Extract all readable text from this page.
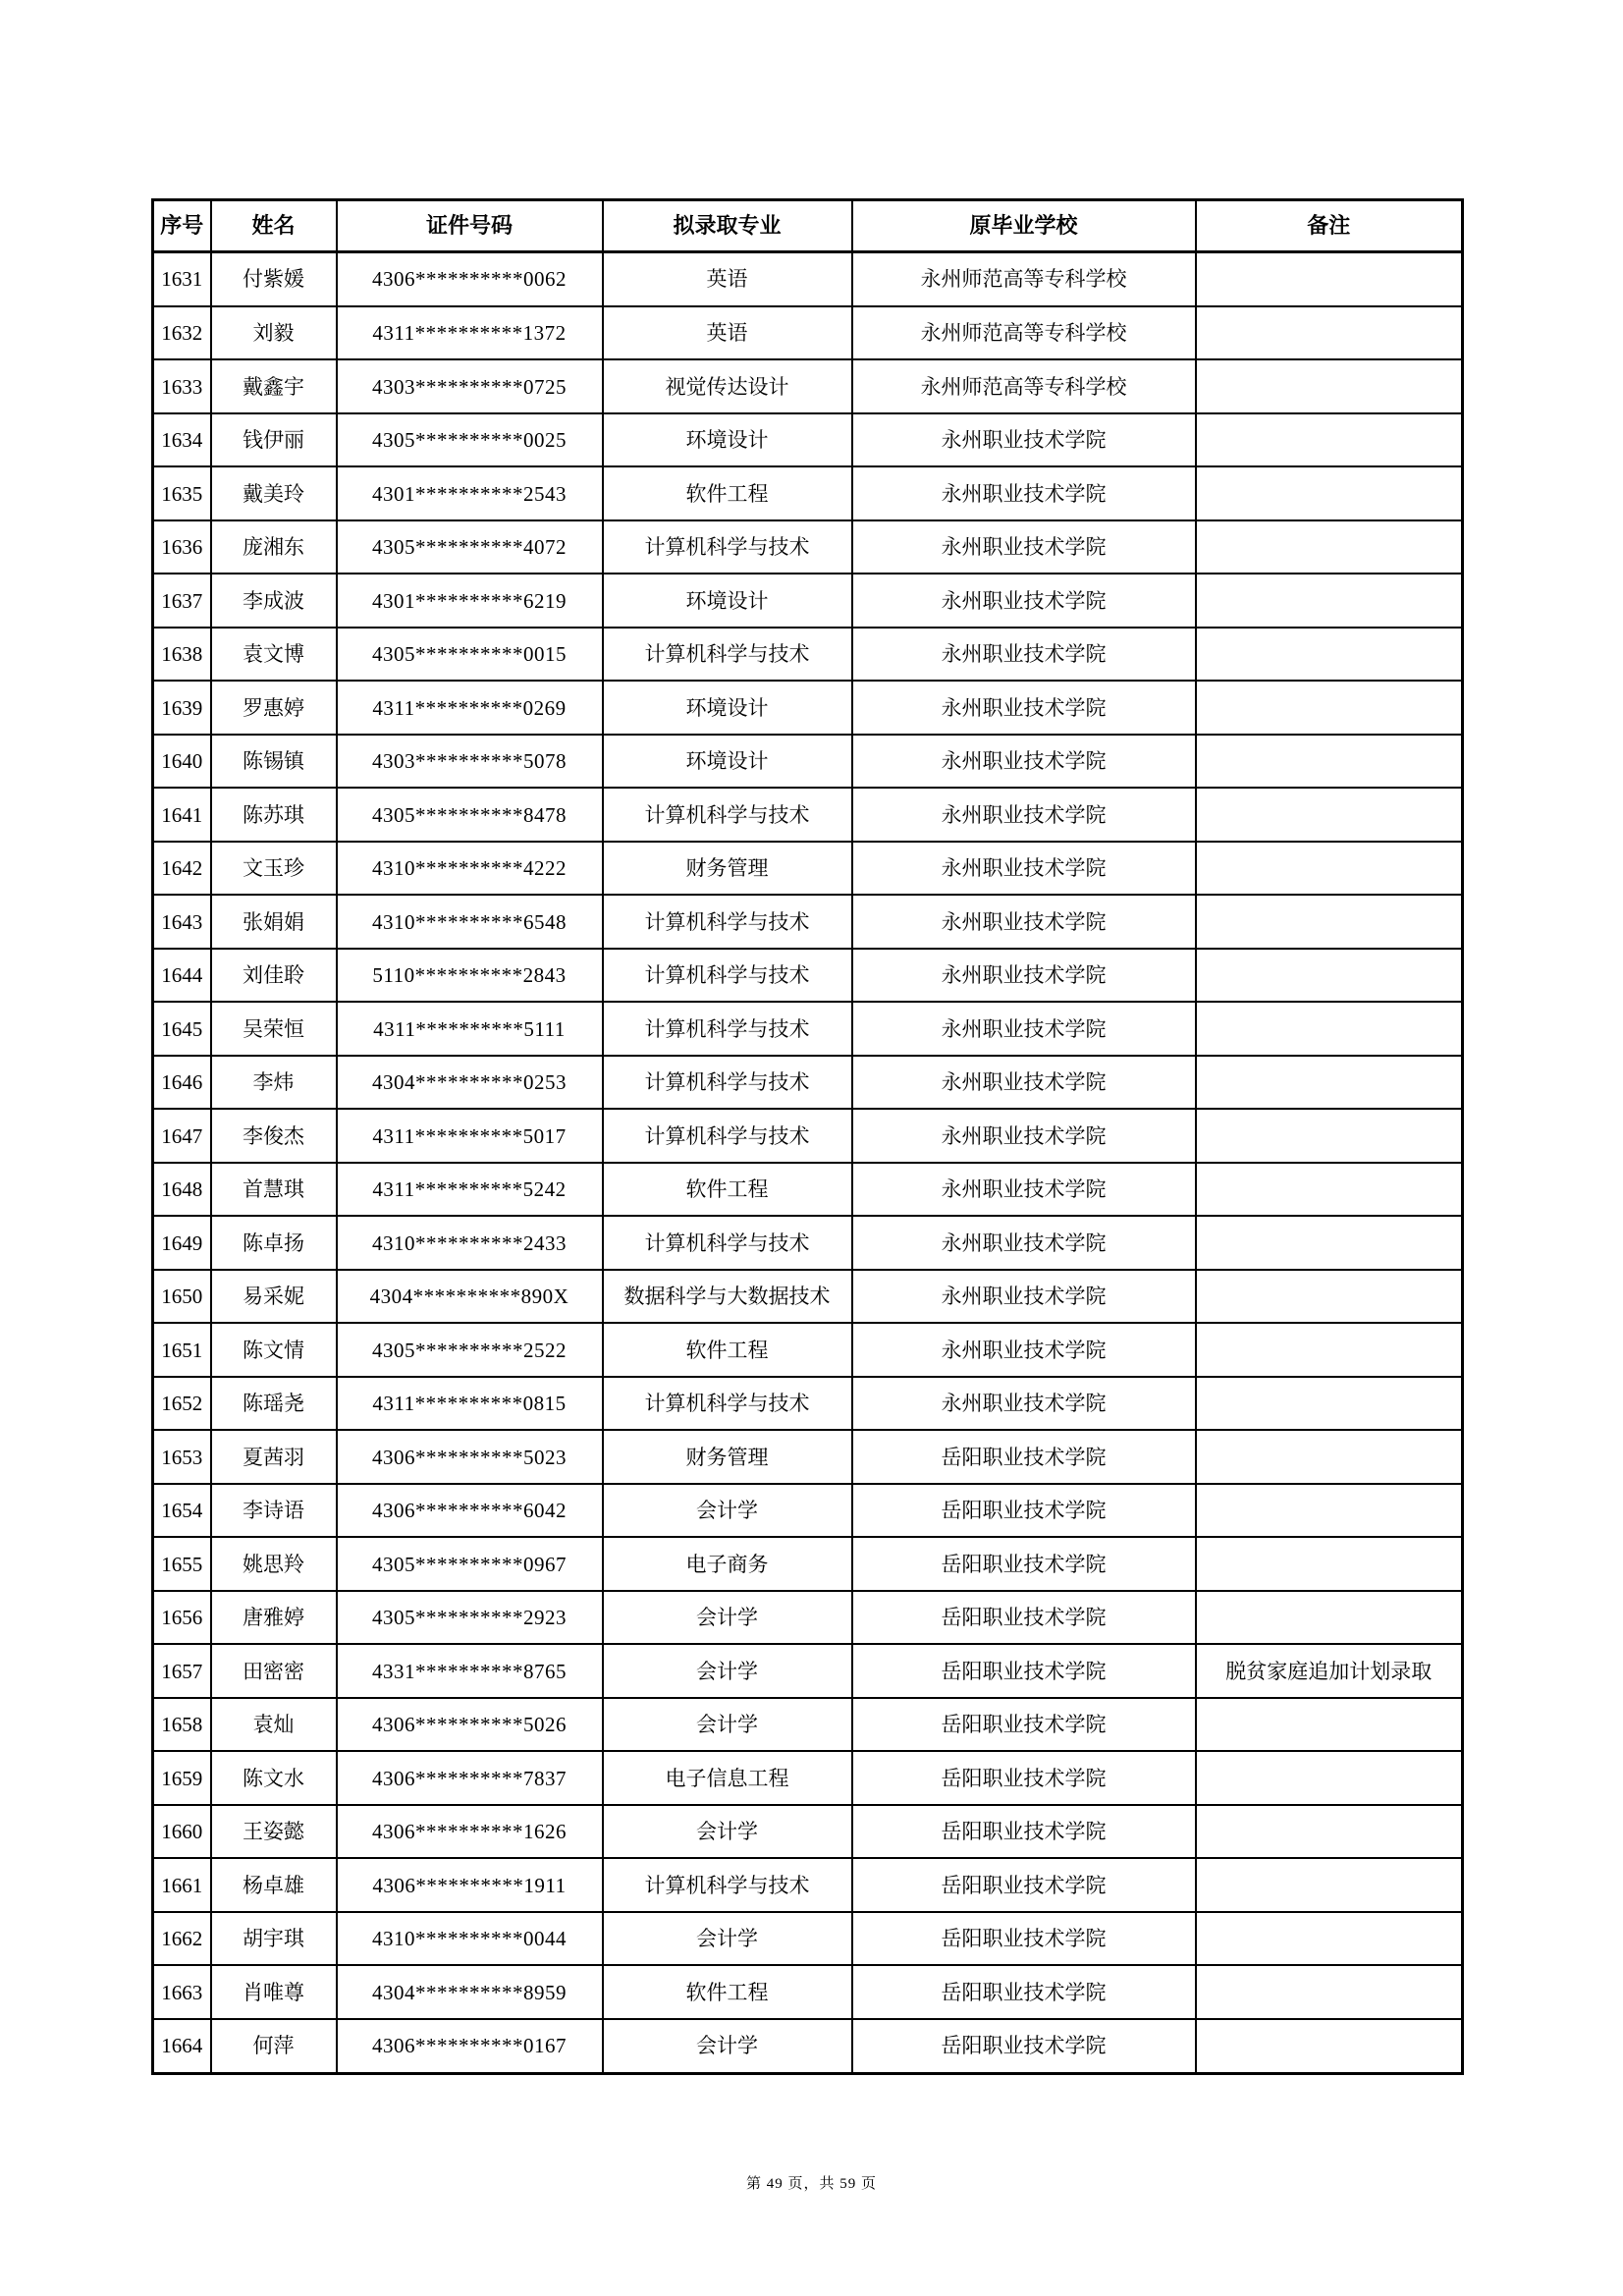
序号	姓名	证件号码	拟录取专业	原毕业学校	备注
1631	付紫媛	4306**********0062	英语	永州师范高等专科学校	
1632	刘毅	4311**********1372	英语	永州师范高等专科学校	
1633	戴鑫宇	4303**********0725	视觉传达设计	永州师范高等专科学校	
1634	钱伊丽	4305**********0025	环境设计	永州职业技术学院	
1635	戴美玲	4301**********2543	软件工程	永州职业技术学院	
1636	庞湘东	4305**********4072	计算机科学与技术	永州职业技术学院	
1637	李成波	4301**********6219	环境设计	永州职业技术学院	
1638	袁文博	4305**********0015	计算机科学与技术	永州职业技术学院	
1639	罗惠婷	4311**********0269	环境设计	永州职业技术学院	
1640	陈锡镇	4303**********5078	环境设计	永州职业技术学院	
1641	陈苏琪	4305**********8478	计算机科学与技术	永州职业技术学院	
1642	文玉珍	4310**********4222	财务管理	永州职业技术学院	
1643	张娟娟	4310**********6548	计算机科学与技术	永州职业技术学院	
1644	刘佳聆	5110**********2843	计算机科学与技术	永州职业技术学院	
1645	吴荣恒	4311**********5111	计算机科学与技术	永州职业技术学院	
1646	李炜	4304**********0253	计算机科学与技术	永州职业技术学院	
1647	李俊杰	4311**********5017	计算机科学与技术	永州职业技术学院	
1648	首慧琪	4311**********5242	软件工程	永州职业技术学院	
1649	陈卓扬	4310**********2433	计算机科学与技术	永州职业技术学院	
1650	易采妮	4304**********890X	数据科学与大数据技术	永州职业技术学院	
1651	陈文情	4305**********2522	软件工程	永州职业技术学院	
1652	陈瑶尧	4311**********0815	计算机科学与技术	永州职业技术学院	
1653	夏茜羽	4306**********5023	财务管理	岳阳职业技术学院	
1654	李诗语	4306**********6042	会计学	岳阳职业技术学院	
1655	姚思羚	4305**********0967	电子商务	岳阳职业技术学院	
1656	唐雅婷	4305**********2923	会计学	岳阳职业技术学院	
1657	田密密	4331**********8765	会计学	岳阳职业技术学院	脱贫家庭追加计划录取
1658	袁灿	4306**********5026	会计学	岳阳职业技术学院	
1659	陈文水	4306**********7837	电子信息工程	岳阳职业技术学院	
1660	王姿懿	4306**********1626	会计学	岳阳职业技术学院	
1661	杨卓雄	4306**********1911	计算机科学与技术	岳阳职业技术学院	
1662	胡宇琪	4310**********0044	会计学	岳阳职业技术学院	
1663	肖唯尊	4304**********8959	软件工程	岳阳职业技术学院	
1664	何萍	4306**********0167	会计学	岳阳职业技术学院	
第 49 页，共 59 页
